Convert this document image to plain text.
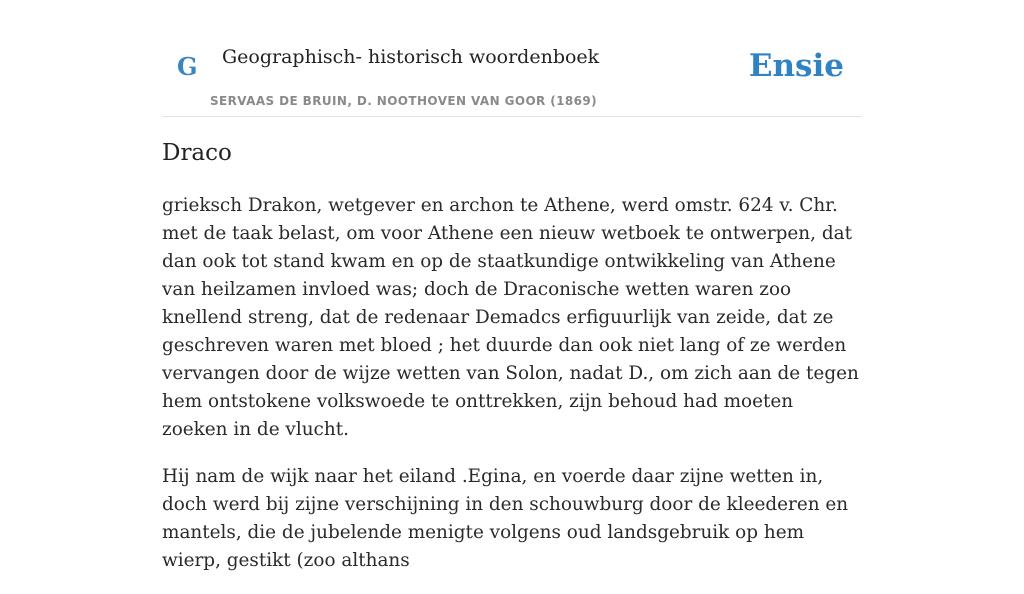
G Geographisch- historisch woordenboek
SERVAAS DE BRUIN, D. NOOTHOVEN VAN GOOR (1869)
Ensie
Draco

grieksch Drakon, wetgever en archon te Athene, werd omstr. 624 v. Chr. met de taak belast, om voor Athene een nieuw wetboek te ontwerpen, dat dan ook tot stand kwam en op de staatkundige ontwikkeling van Athene van heilzamen invloed was; doch de Draconische wetten waren zoo knellend streng, dat de redenaar Demadcs erfiguurlijk van zeide, dat ze geschreven waren met bloed ; het duurde dan ook niet lang of ze werden vervangen door de wijze wetten van Solon, nadat D., om zich aan de tegen hem ontstokene volkswoede te onttrekken, zijn behoud had moeten zoeken in de vlucht.

Hij nam de wijk naar het eiland .Egina, en voerde daar zijne wetten in, doch werd bij zijne verschijning in den schouwburg door de kleederen en mantels, die de jubelende menigte volgens oud landsgebruik op hem wierp, gestikt (zoo althans
